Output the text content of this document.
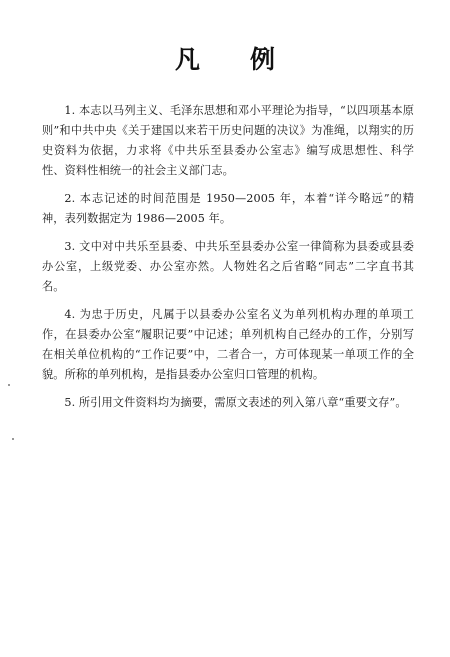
凡　　例

1. 本志以马列主义、毛泽东思想和邓小平理论为指导，“以四项基本原则”和中共中央《关于建国以来若干历史问题的决议》为准绳，以翔实的历史资料为依据，力求将《中共乐至县委办公室志》编写成思想性、科学性、资料性相统一的社会主义部门志。

2. 本志记述的时间范围是 1950—2005 年，本着“详今略远”的精神，表列数据定为 1986—2005 年。

3. 文中对中共乐至县委、中共乐至县委办公室一律简称为县委或县委办公室，上级党委、办公室亦然。人物姓名之后省略“同志”二字直书其名。

4. 为忠于历史，凡属于以县委办公室名义为单列机构办理的单项工作，在县委办公室“履职记要”中记述；单列机构自己经办的工作，分别写在相关单位机构的“工作记要”中，二者合一，方可体现某一单项工作的全貌。所称的单列机构，是指县委办公室归口管理的机构。

5. 所引用文件资料均为摘要，需原文表述的列入第八章“重要文存”。
